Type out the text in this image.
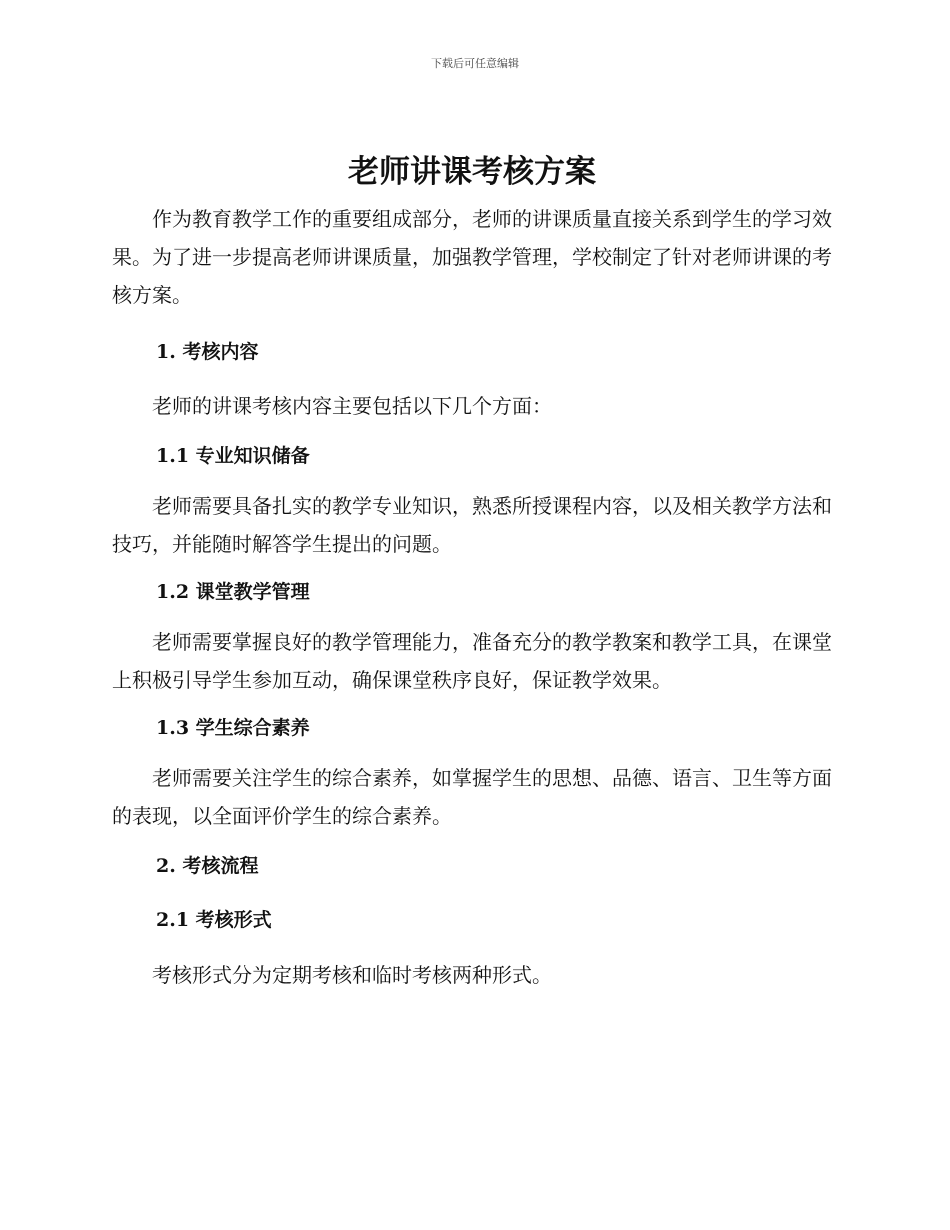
下载后可任意编辑
老师讲课考核方案

作为教育教学工作的重要组成部分，老师的讲课质量直接关系到学生的学习效果。为了进一步提高老师讲课质量，加强教学管理，学校制定了针对老师讲课的考核方案。

1. 考核内容

老师的讲课考核内容主要包括以下几个方面：

1.1 专业知识储备

老师需要具备扎实的教学专业知识，熟悉所授课程内容，以及相关教学方法和技巧，并能随时解答学生提出的问题。

1.2 课堂教学管理

老师需要掌握良好的教学管理能力，准备充分的教学教案和教学工具，在课堂上积极引导学生参加互动，确保课堂秩序良好，保证教学效果。

1.3 学生综合素养

老师需要关注学生的综合素养，如掌握学生的思想、品德、语言、卫生等方面的表现，以全面评价学生的综合素养。

2. 考核流程
2.1 考核形式

考核形式分为定期考核和临时考核两种形式。
